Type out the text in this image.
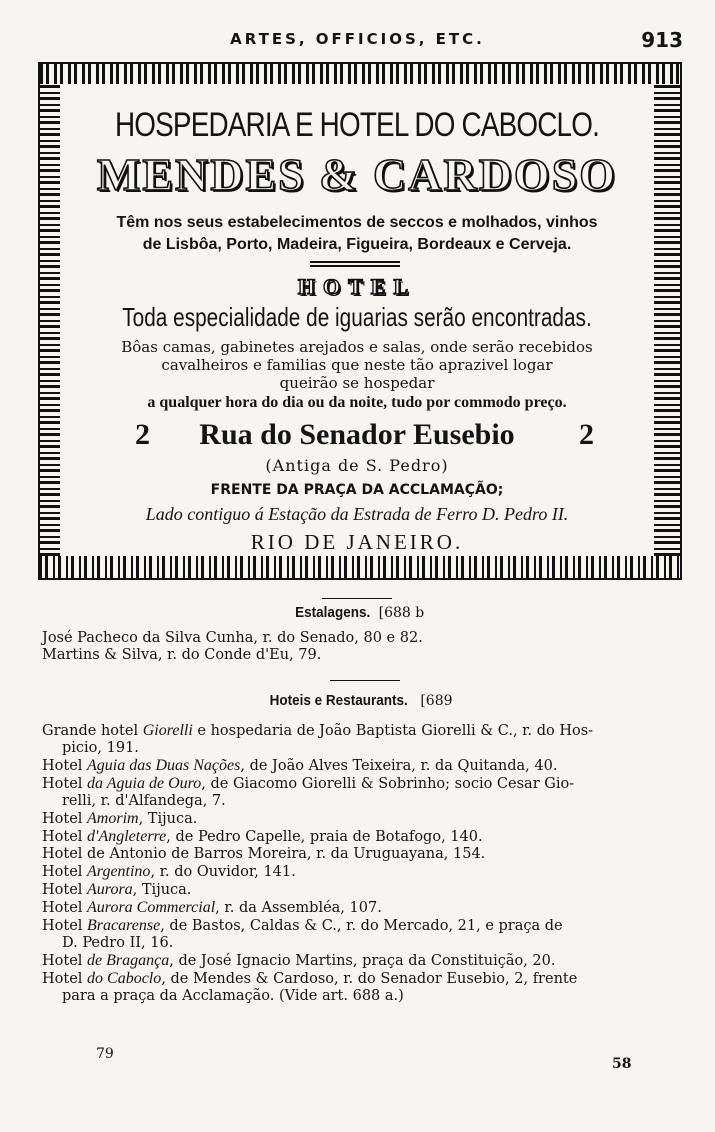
ARTES, OFFICIOS, ETC.	913
HOSPEDARIA E HOTEL DO CABOCLO.
MENDES & CARDOSO
Têm nos seus estabelecimentos de seccos e molhados, vinhos
de Lisbôa, Porto, Madeira, Figueira, Bordeaux e Cerveja.
HOTEL
Toda especialidade de iguarias serão encontradas.
Bôas camas, gabinetes arejados e salas, onde serão recebidos
cavalheiros e familias que neste tão aprazivel logar
queirão se hospedar
a qualquer hora do dia ou da noite, tudo por commodo preço.
2 Rua do Senador Eusebio 2
(Antiga de S. Pedro)
FRENTE DA PRAÇA DA ACCLAMAÇÃO;
Lado contiguo á Estação da Estrada de Ferro D. Pedro II.
RIO DE JANEIRO.
Estalagens. [688 b

José Pacheco da Silva Cunha, r. do Senado, 80 e 82.

Martins & Silva, r. do Conde d'Eu, 79.

Hoteis e Restaurants. [689

Grande hotel Giorelli e hospedaria de João Baptista Giorelli & C., r. do Hos-

picio, 191.

Hotel Aguia das Duas Nações, de João Alves Teixeira, r. da Quitanda, 40.

Hotel da Aguia de Ouro, de Giacomo Giorelli & Sobrinho; socio Cesar Gio-

relli, r. d'Alfandega, 7.

Hotel Amorim, Tijuca.

Hotel d'Angleterre, de Pedro Capelle, praia de Botafogo, 140.

Hotel de Antonio de Barros Moreira, r. da Uruguayana, 154.

Hotel Argentino, r. do Ouvidor, 141.

Hotel Aurora, Tijuca.

Hotel Aurora Commercial, r. da Assembléa, 107.

Hotel Bracarense, de Bastos, Caldas & C., r. do Mercado, 21, e praça de

D. Pedro II, 16.

Hotel de Bragança, de José Ignacio Martins, praça da Constituição, 20.

Hotel do Caboclo, de Mendes & Cardoso, r. do Senador Eusebio, 2, frente

para a praça da Acclamação. (Vide art. 688 a.)

79
58
